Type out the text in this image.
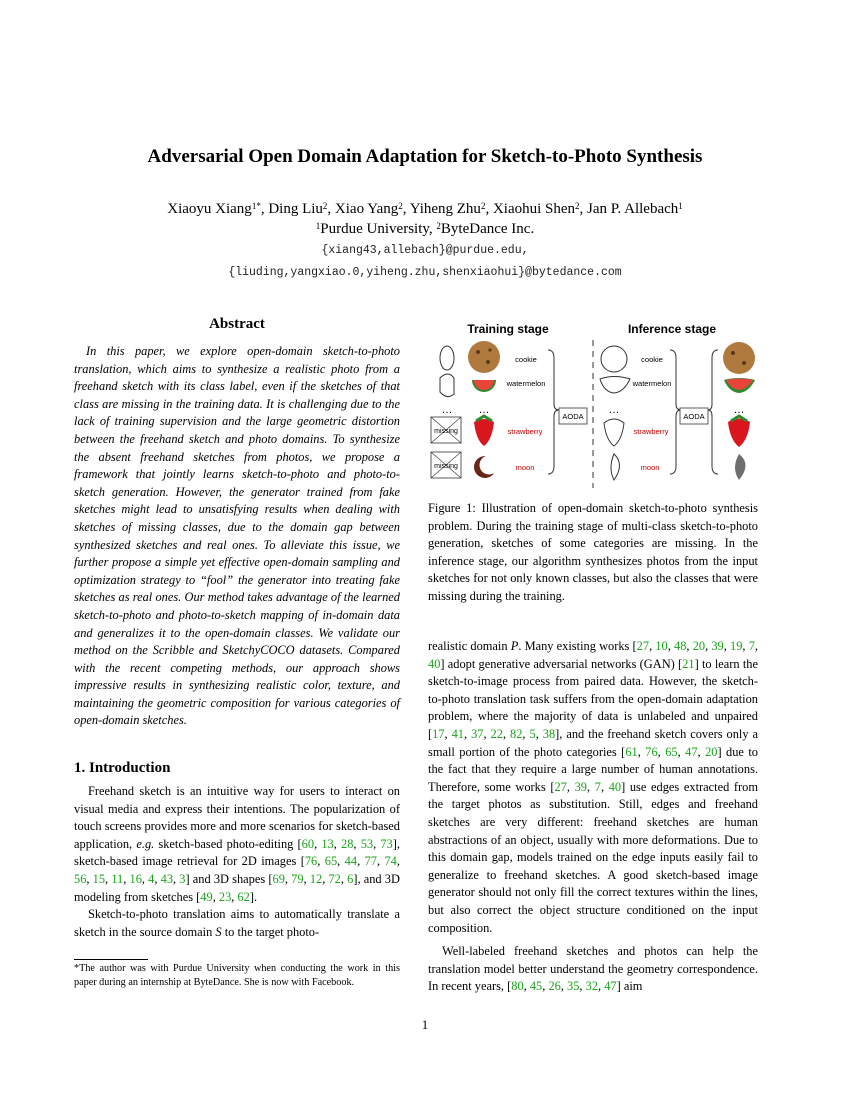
Adversarial Open Domain Adaptation for Sketch-to-Photo Synthesis
Xiaoyu Xiang$^{1*}$, Ding Liu$^2$, Xiao Yang$^2$, Yiheng Zhu$^2$, Xiaohui Shen$^2$, Jan P. Allebach$^1$
$^1$Purdue University, $^2$ByteDance Inc.
{xiang43,allebach}@purdue.edu,
{liuding,yangxiao.0,yiheng.zhu,shenxiaohui}@bytedance.com
Abstract

In this paper, we explore open-domain sketch-to-photo translation, which aims to synthesize a realistic photo from a freehand sketch with its class label, even if the sketches of that class are missing in the training data. It is challenging due to the lack of training supervision and the large geometric distortion between the freehand sketch and photo domains. To synthesize the absent freehand sketches from photos, we propose a framework that jointly learns sketch-to-photo and photo-to-sketch generation. However, the generator trained from fake sketches might lead to unsatisfying results when dealing with sketches of missing classes, due to the domain gap between synthesized sketches and real ones. To alleviate this issue, we further propose a simple yet effective open-domain sampling and optimization strategy to “fool” the generator into treating fake sketches as real ones. Our method takes advantage of the learned sketch-to-photo and photo-to-sketch mapping of in-domain data and generalizes it to the open-domain classes. We validate our method on the Scribble and SketchyCOCO datasets. Compared with the recent competing methods, our approach shows impressive results in synthesizing realistic color, texture, and maintaining the geometric composition for various categories of open-domain sketches.

1. Introduction

Freehand sketch is an intuitive way for users to interact on visual media and express their intentions. The popularization of touch screens provides more and more scenarios for sketch-based application, e.g. sketch-based photo-editing [60, 13, 28, 53, 73], sketch-based image retrieval for 2D images [76, 65, 44, 77, 74, 56, 15, 11, 16, 4, 43, 3] and 3D shapes [69, 79, 12, 72, 6], and 3D modeling from sketches [49, 23, 62].

Sketch-to-photo translation aims to automatically translate a sketch in the source domain S to the target photo-

*The author was with Purdue University when conducting the work in this paper during an internship at ByteDance. She is now with Facebook.
Training stage	Inference stage
…
missing
missing
…
cookie
watermelon
strawberry
moon
AODA
…
cookie
watermelon
strawberry
moon
AODA
…
Figure 1: Illustration of open-domain sketch-to-photo synthesis problem. During the training stage of multi-class sketch-to-photo generation, sketches of some categories are missing. In the inference stage, our algorithm synthesizes photos from the input sketches for not only known classes, but also the classes that were missing during the training.

realistic domain P. Many existing works [27, 10, 48, 20, 39, 19, 7, 40] adopt generative adversarial networks (GAN) [21] to learn the sketch-to-image process from paired data. However, the sketch-to-photo translation task suffers from the open-domain adaptation problem, where the majority of data is unlabeled and unpaired [17, 41, 37, 22, 82, 5, 38], and the freehand sketch covers only a small portion of the photo categories [61, 76, 65, 47, 20] due to the fact that they require a large number of human annotations. Therefore, some works [27, 39, 7, 40] use edges extracted from the target photos as substitution. Still, edges and freehand sketches are very different: freehand sketches are human abstractions of an object, usually with more deformations. Due to this domain gap, models trained on the edge inputs easily fail to generalize to freehand sketches. A good sketch-based image generator should not only fill the correct textures within the lines, but also correct the object structure conditioned on the input composition.

Well-labeled freehand sketches and photos can help the translation model better understand the geometry correspondence. In recent years, [80, 45, 26, 35, 32, 47] aim

1
